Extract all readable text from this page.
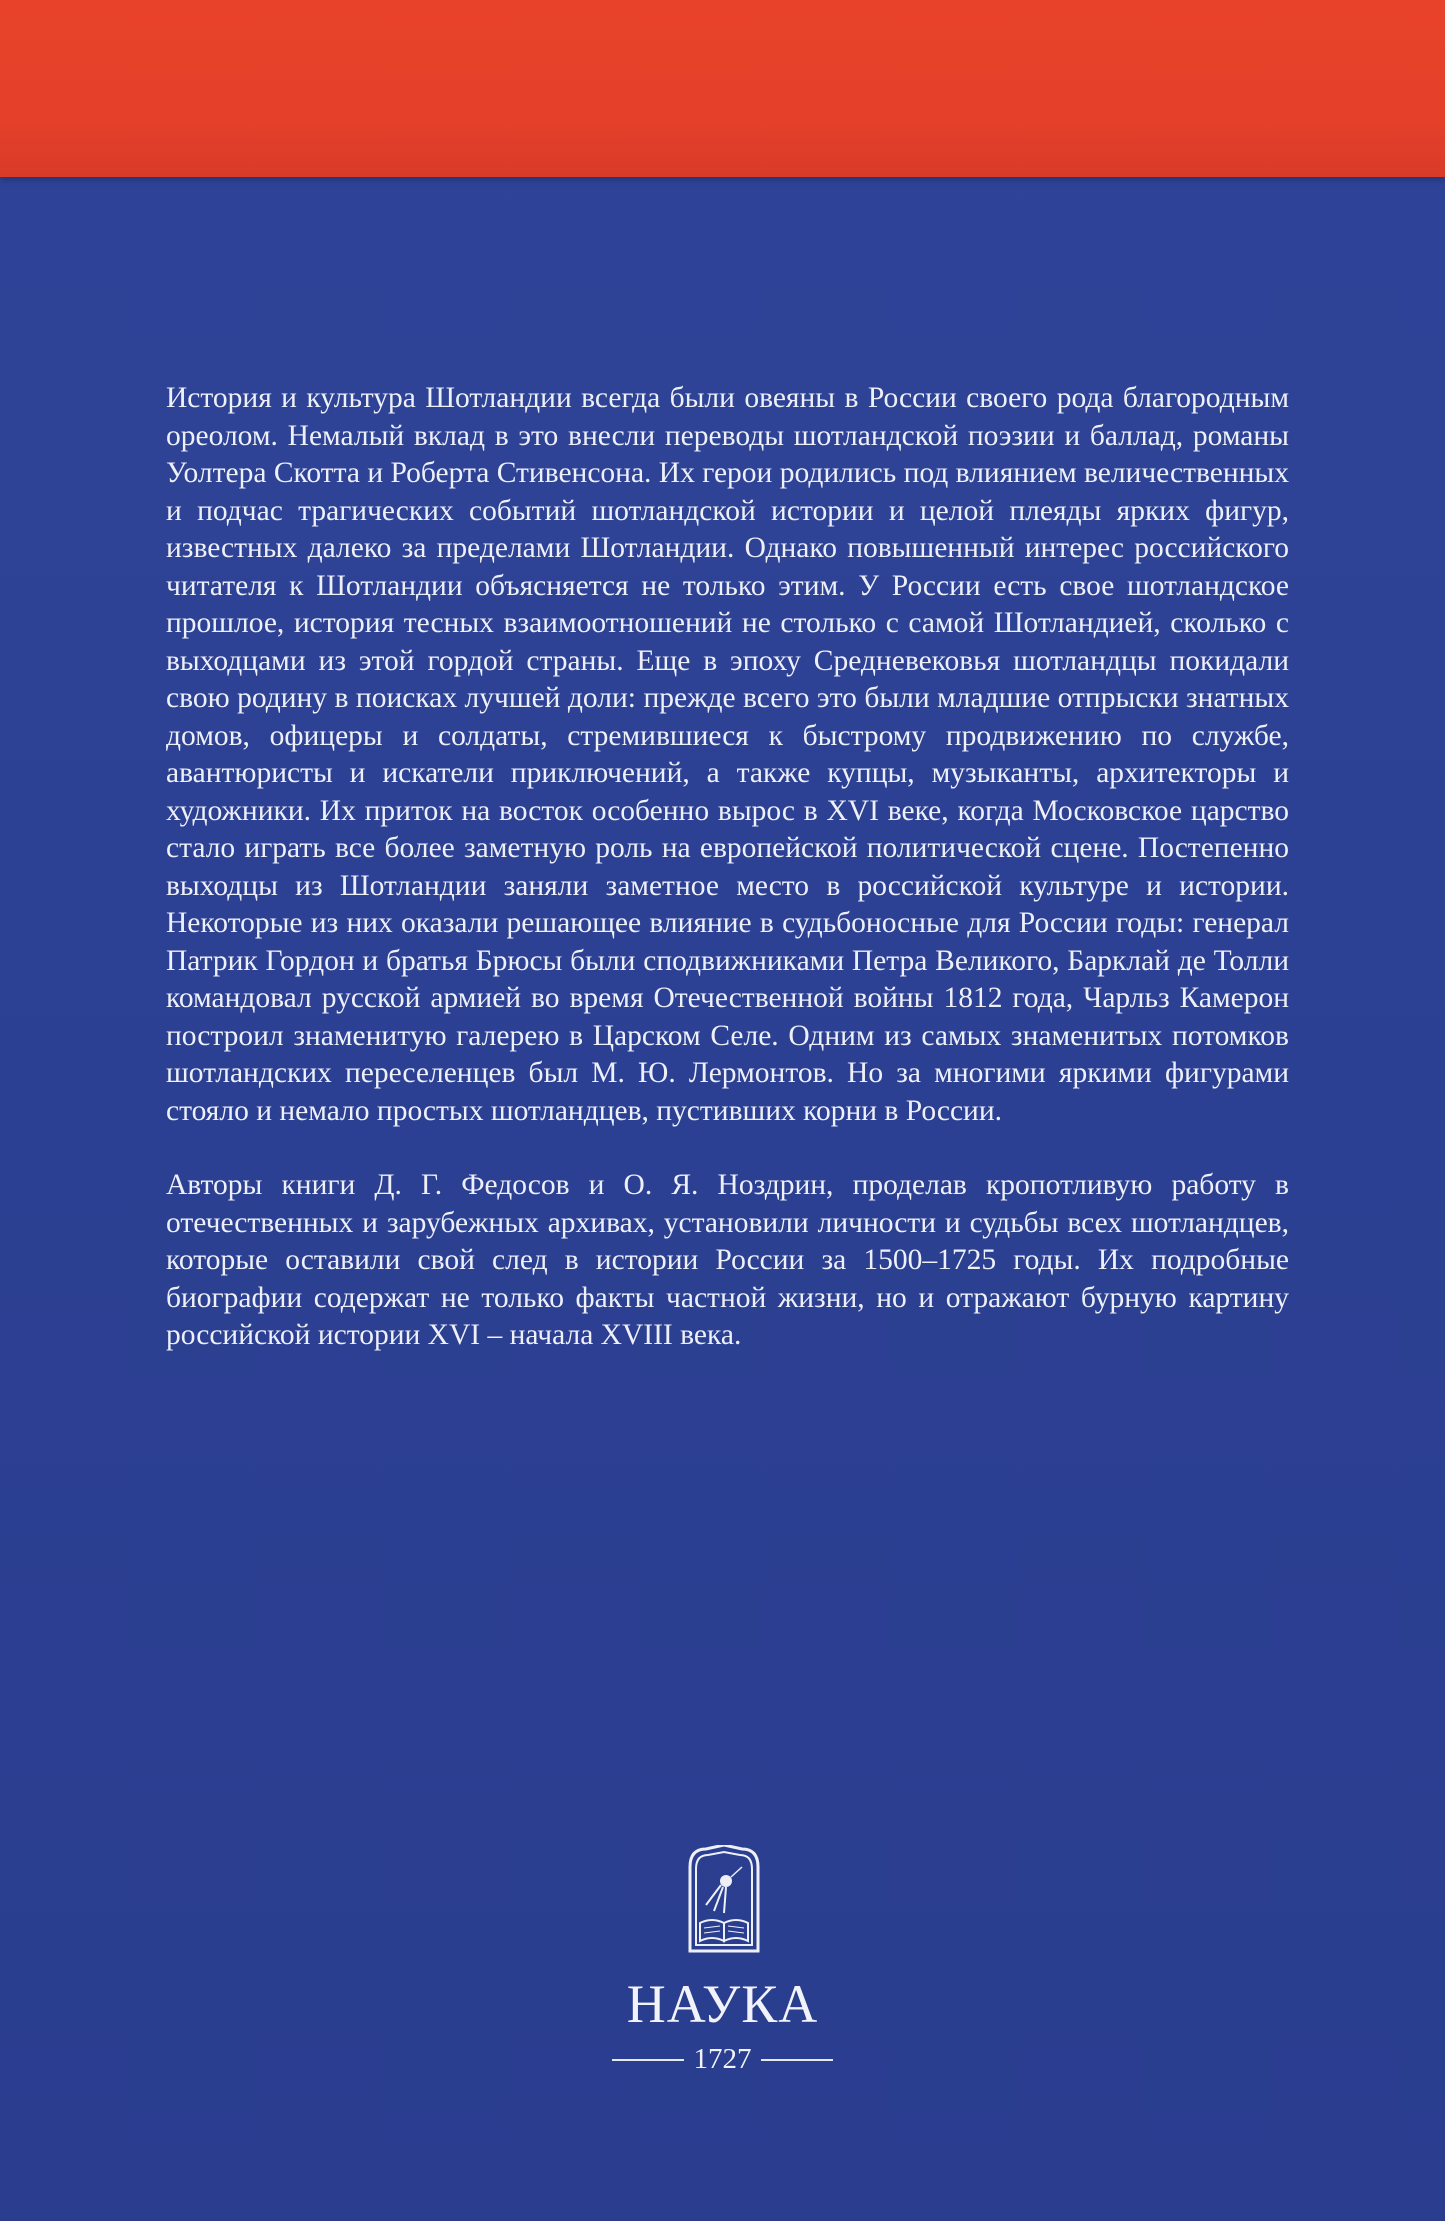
История и культура Шотландии всегда были овеяны в России своего рода благородным ореолом. Немалый вклад в это внесли переводы шотландской поэзии и баллад, романы Уолтера Скотта и Роберта Стивенсона. Их герои родились под влиянием величественных и подчас трагических событий шотландской истории и целой плеяды ярких фигур, известных далеко за пределами Шотландии. Однако повышенный интерес российского читателя к Шотландии объясняется не только этим. У России есть свое шотландское прошлое, история тесных взаимоотношений не столько с самой Шотландией, сколько с выходцами из этой гордой страны. Еще в эпоху Средневековья шотландцы покидали свою родину в поисках лучшей доли: прежде всего это были младшие отпрыски знатных домов, офицеры и солдаты, стремившиеся к быстрому продвижению по службе, авантюристы и искатели приключений, а также купцы, музыканты, архитекторы и художники. Их приток на восток особенно вырос в XVI веке, когда Московское царство стало играть все более заметную роль на европейской политической сцене. Постепенно выходцы из Шотландии заняли заметное место в российской культуре и истории. Некоторые из них оказали решающее влияние в судьбоносные для России годы: генерал Патрик Гордон и братья Брюсы были сподвижниками Петра Великого, Барклай де Толли командовал русской армией во время Отечественной войны 1812 года, Чарльз Камерон построил знаменитую галерею в Царском Селе. Одним из самых знаменитых потомков шотландских переселенцев был М. Ю. Лермонтов. Но за многими яркими фигурами стояло и немало простых шотландцев, пустивших корни в России.

Авторы книги Д. Г. Федосов и О. Я. Ноздрин, проделав кропотливую работу в отечественных и зарубежных архивах, установили личности и судьбы всех шотландцев, которые оставили свой след в истории России за 1500–1725 годы. Их подробные биографии содержат не только факты частной жизни, но и отражают бурную картину российской истории XVI – начала XVIII века.

НАУКА
1727
